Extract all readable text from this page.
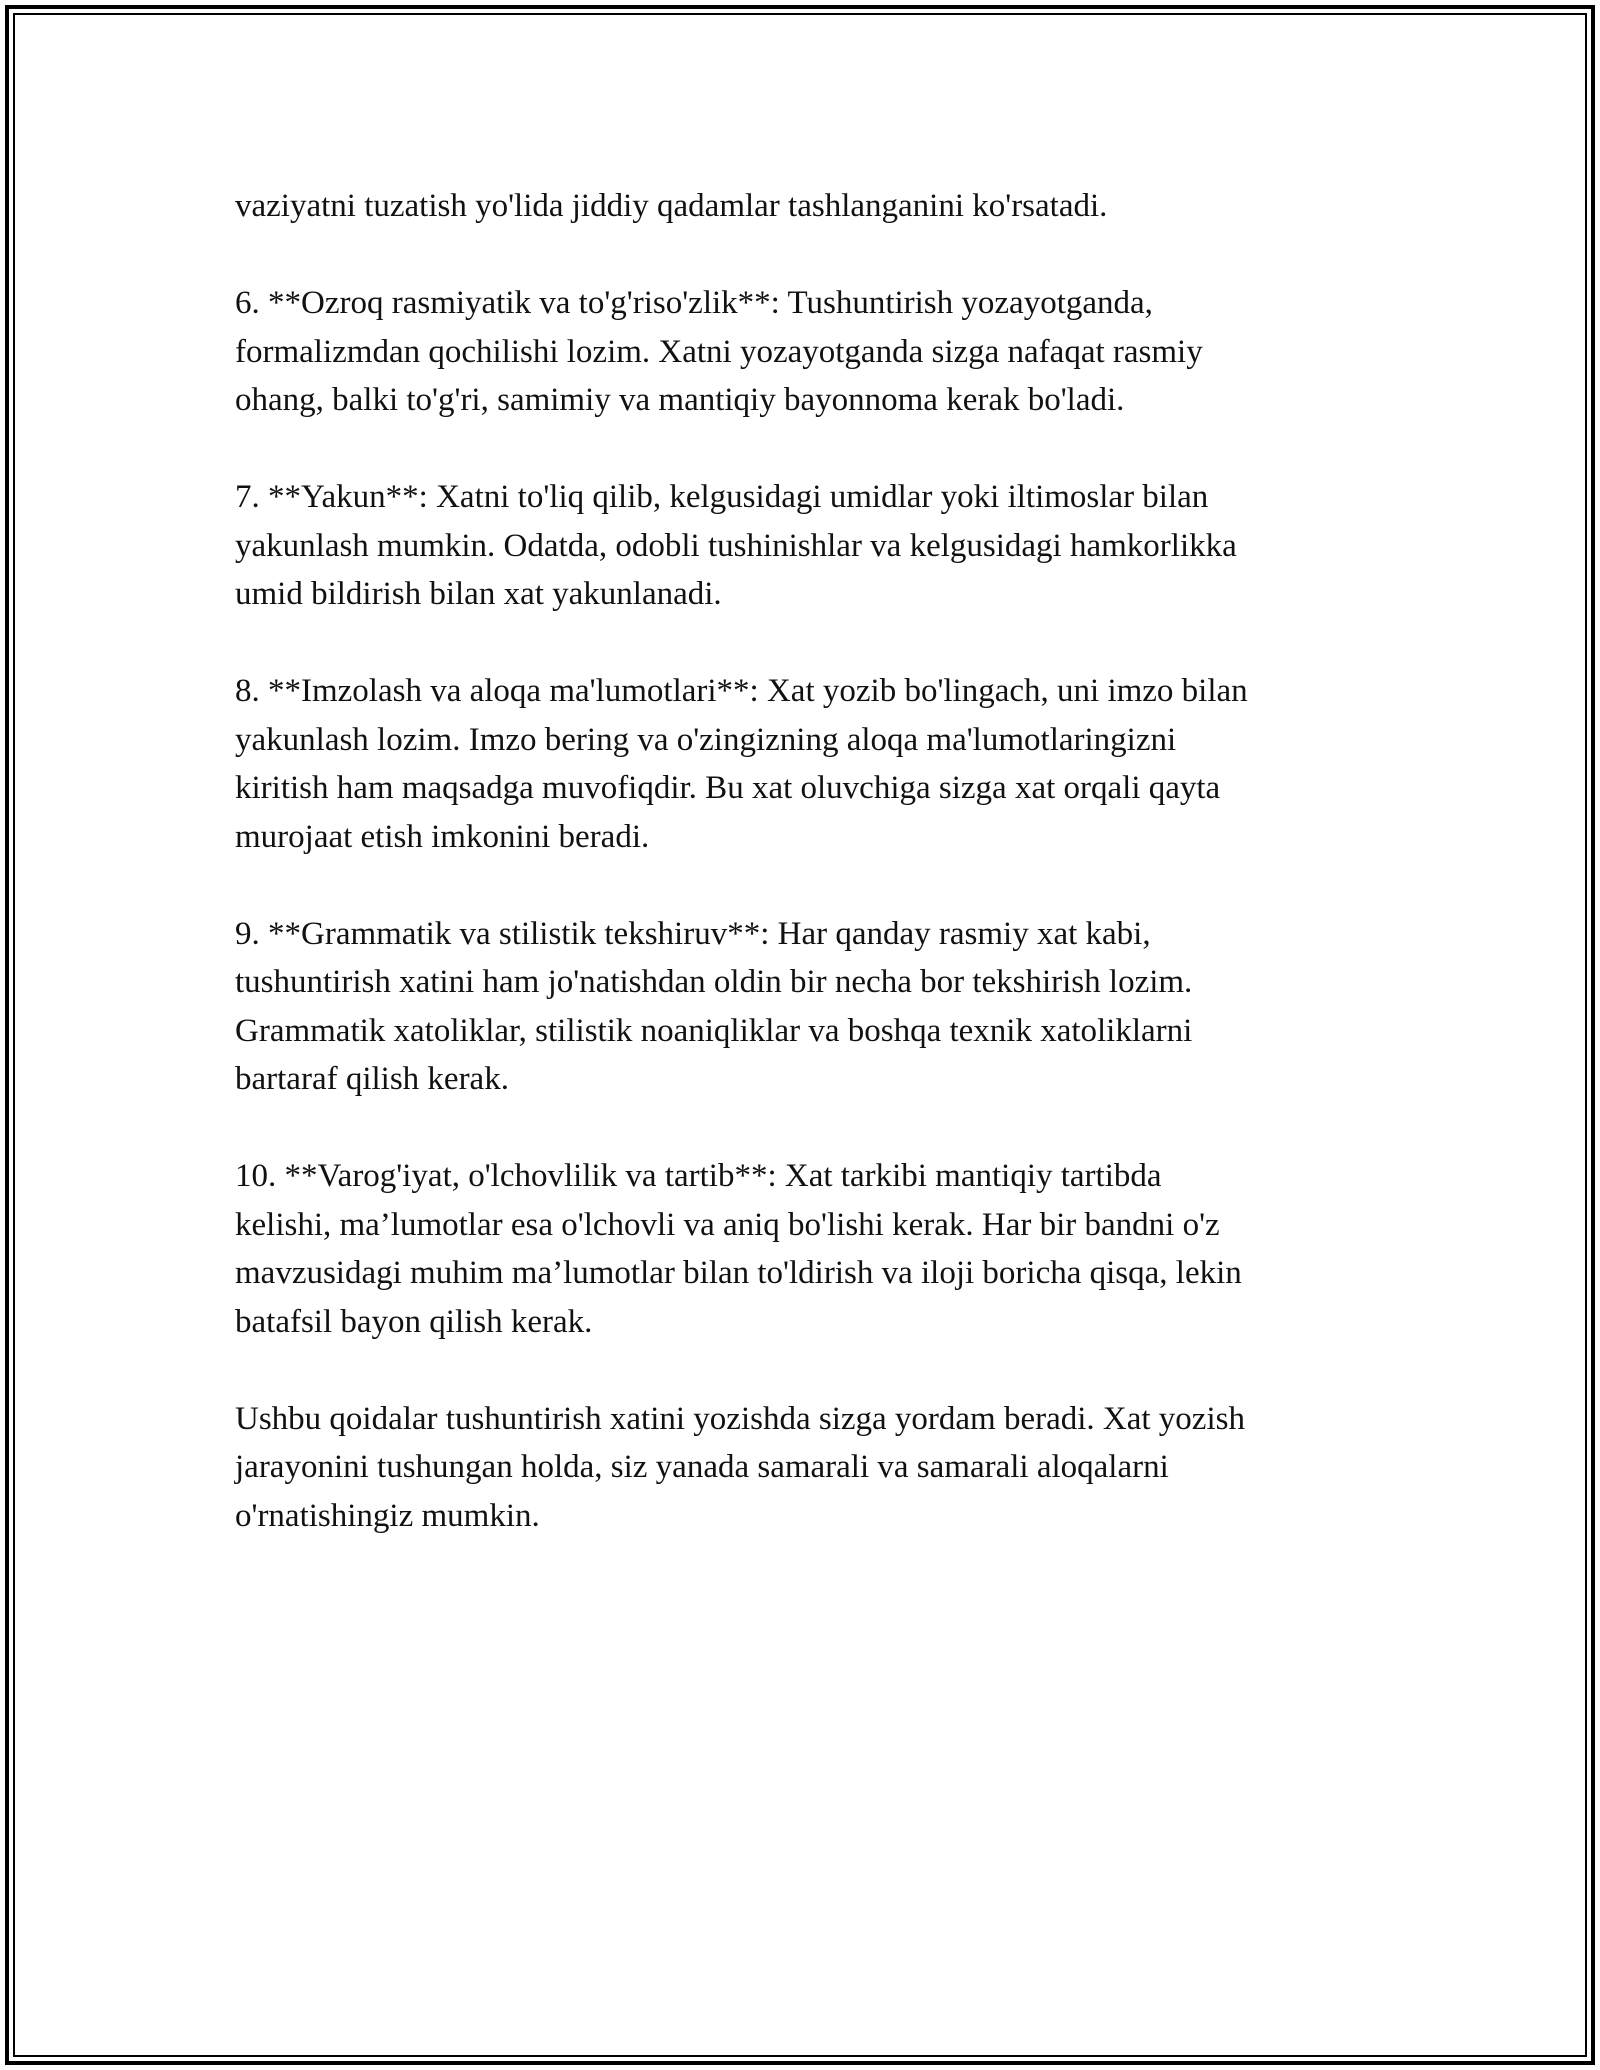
vaziyatni tuzatish yo'lida jiddiy qadamlar tashlanganini ko'rsatadi.

6. **Ozroq rasmiyatik va to'g'riso'zlik**: Tushuntirish yozayotganda,
formalizmdan qochilishi lozim. Xatni yozayotganda sizga nafaqat rasmiy
ohang, balki to'g'ri, samimiy va mantiqiy bayonnoma kerak bo'ladi.

7. **Yakun**: Xatni to'liq qilib, kelgusidagi umidlar yoki iltimoslar bilan
yakunlash mumkin. Odatda, odobli tushinishlar va kelgusidagi hamkorlikka
umid bildirish bilan xat yakunlanadi.

8. **Imzolash va aloqa ma'lumotlari**: Xat yozib bo'lingach, uni imzo bilan
yakunlash lozim. Imzo bering va o'zingizning aloqa ma'lumotlaringizni
kiritish ham maqsadga muvofiqdir. Bu xat oluvchiga sizga xat orqali qayta
murojaat etish imkonini beradi.

9. **Grammatik va stilistik tekshiruv**: Har qanday rasmiy xat kabi,
tushuntirish xatini ham jo'natishdan oldin bir necha bor tekshirish lozim.
Grammatik xatoliklar, stilistik noaniqliklar va boshqa texnik xatoliklarni
bartaraf qilish kerak.

10. **Varog'iyat, o'lchovlilik va tartib**: Xat tarkibi mantiqiy tartibda
kelishi, ma’lumotlar esa o'lchovli va aniq bo'lishi kerak. Har bir bandni o'z
mavzusidagi muhim ma’lumotlar bilan to'ldirish va iloji boricha qisqa, lekin
batafsil bayon qilish kerak.

Ushbu qoidalar tushuntirish xatini yozishda sizga yordam beradi. Xat yozish
jarayonini tushungan holda, siz yanada samarali va samarali aloqalarni
o'rnatishingiz mumkin.
